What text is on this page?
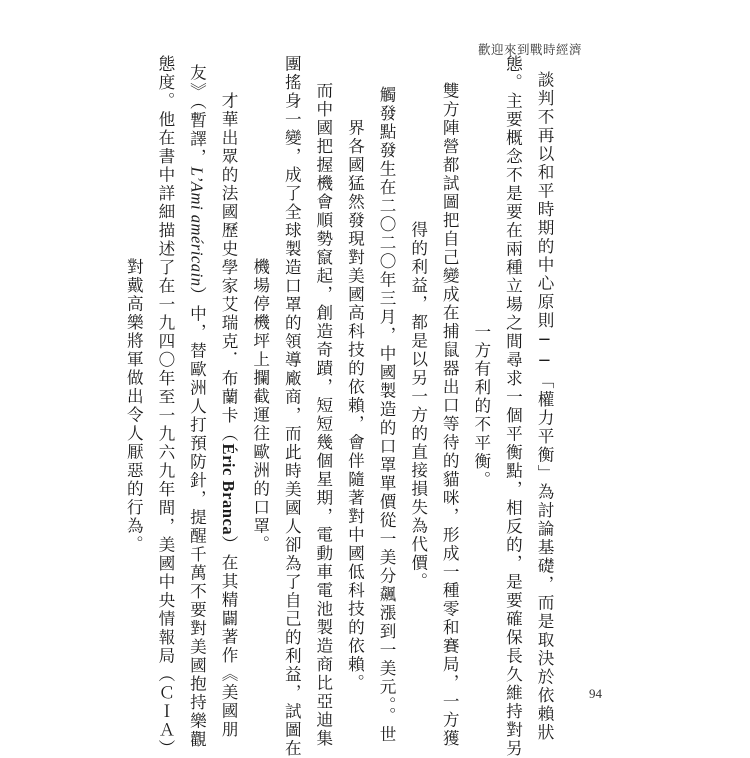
歡迎來到戰時經濟
談判不再以和平時期的中心原則──「權力平衡」為討論基礎，而是取決於依賴狀
態。主要概念不是要在兩種立場之間尋求一個平衡點，相反的，是要確保長久維持對另
一方有利的不平衡。
雙方陣營都試圖把自己變成在捕鼠器出口等待的貓咪，形成一種零和賽局，一方獲
得的利益，都是以另一方的直接損失為代價。
觸發點發生在二〇二〇年三月，中國製造的口罩單價從一美分飆漲到一美元。。世
界各國猛然發現對美國高科技的依賴，會伴隨著對中國低科技的依賴。
而中國把握機會順勢竄起，創造奇蹟，短短幾個星期，電動車電池製造商比亞迪集
團搖身一變，成了全球製造口罩的領導廠商，而此時美國人卻為了自己的利益，試圖在
機場停機坪上攔截運往歐洲的口罩。
才華出眾的法國歷史學家艾瑞克．布蘭卡（Éric Branca）在其精闢著作《美國朋
友》（暫譯，L’Ami américain）中，替歐洲人打預防針，提醒千萬不要對美國抱持樂觀
態度。他在書中詳細描述了在一九四〇年至一九六九年間，美國中央情報局（ＣＩＡ）
對戴高樂將軍做出令人厭惡的行為。
94
